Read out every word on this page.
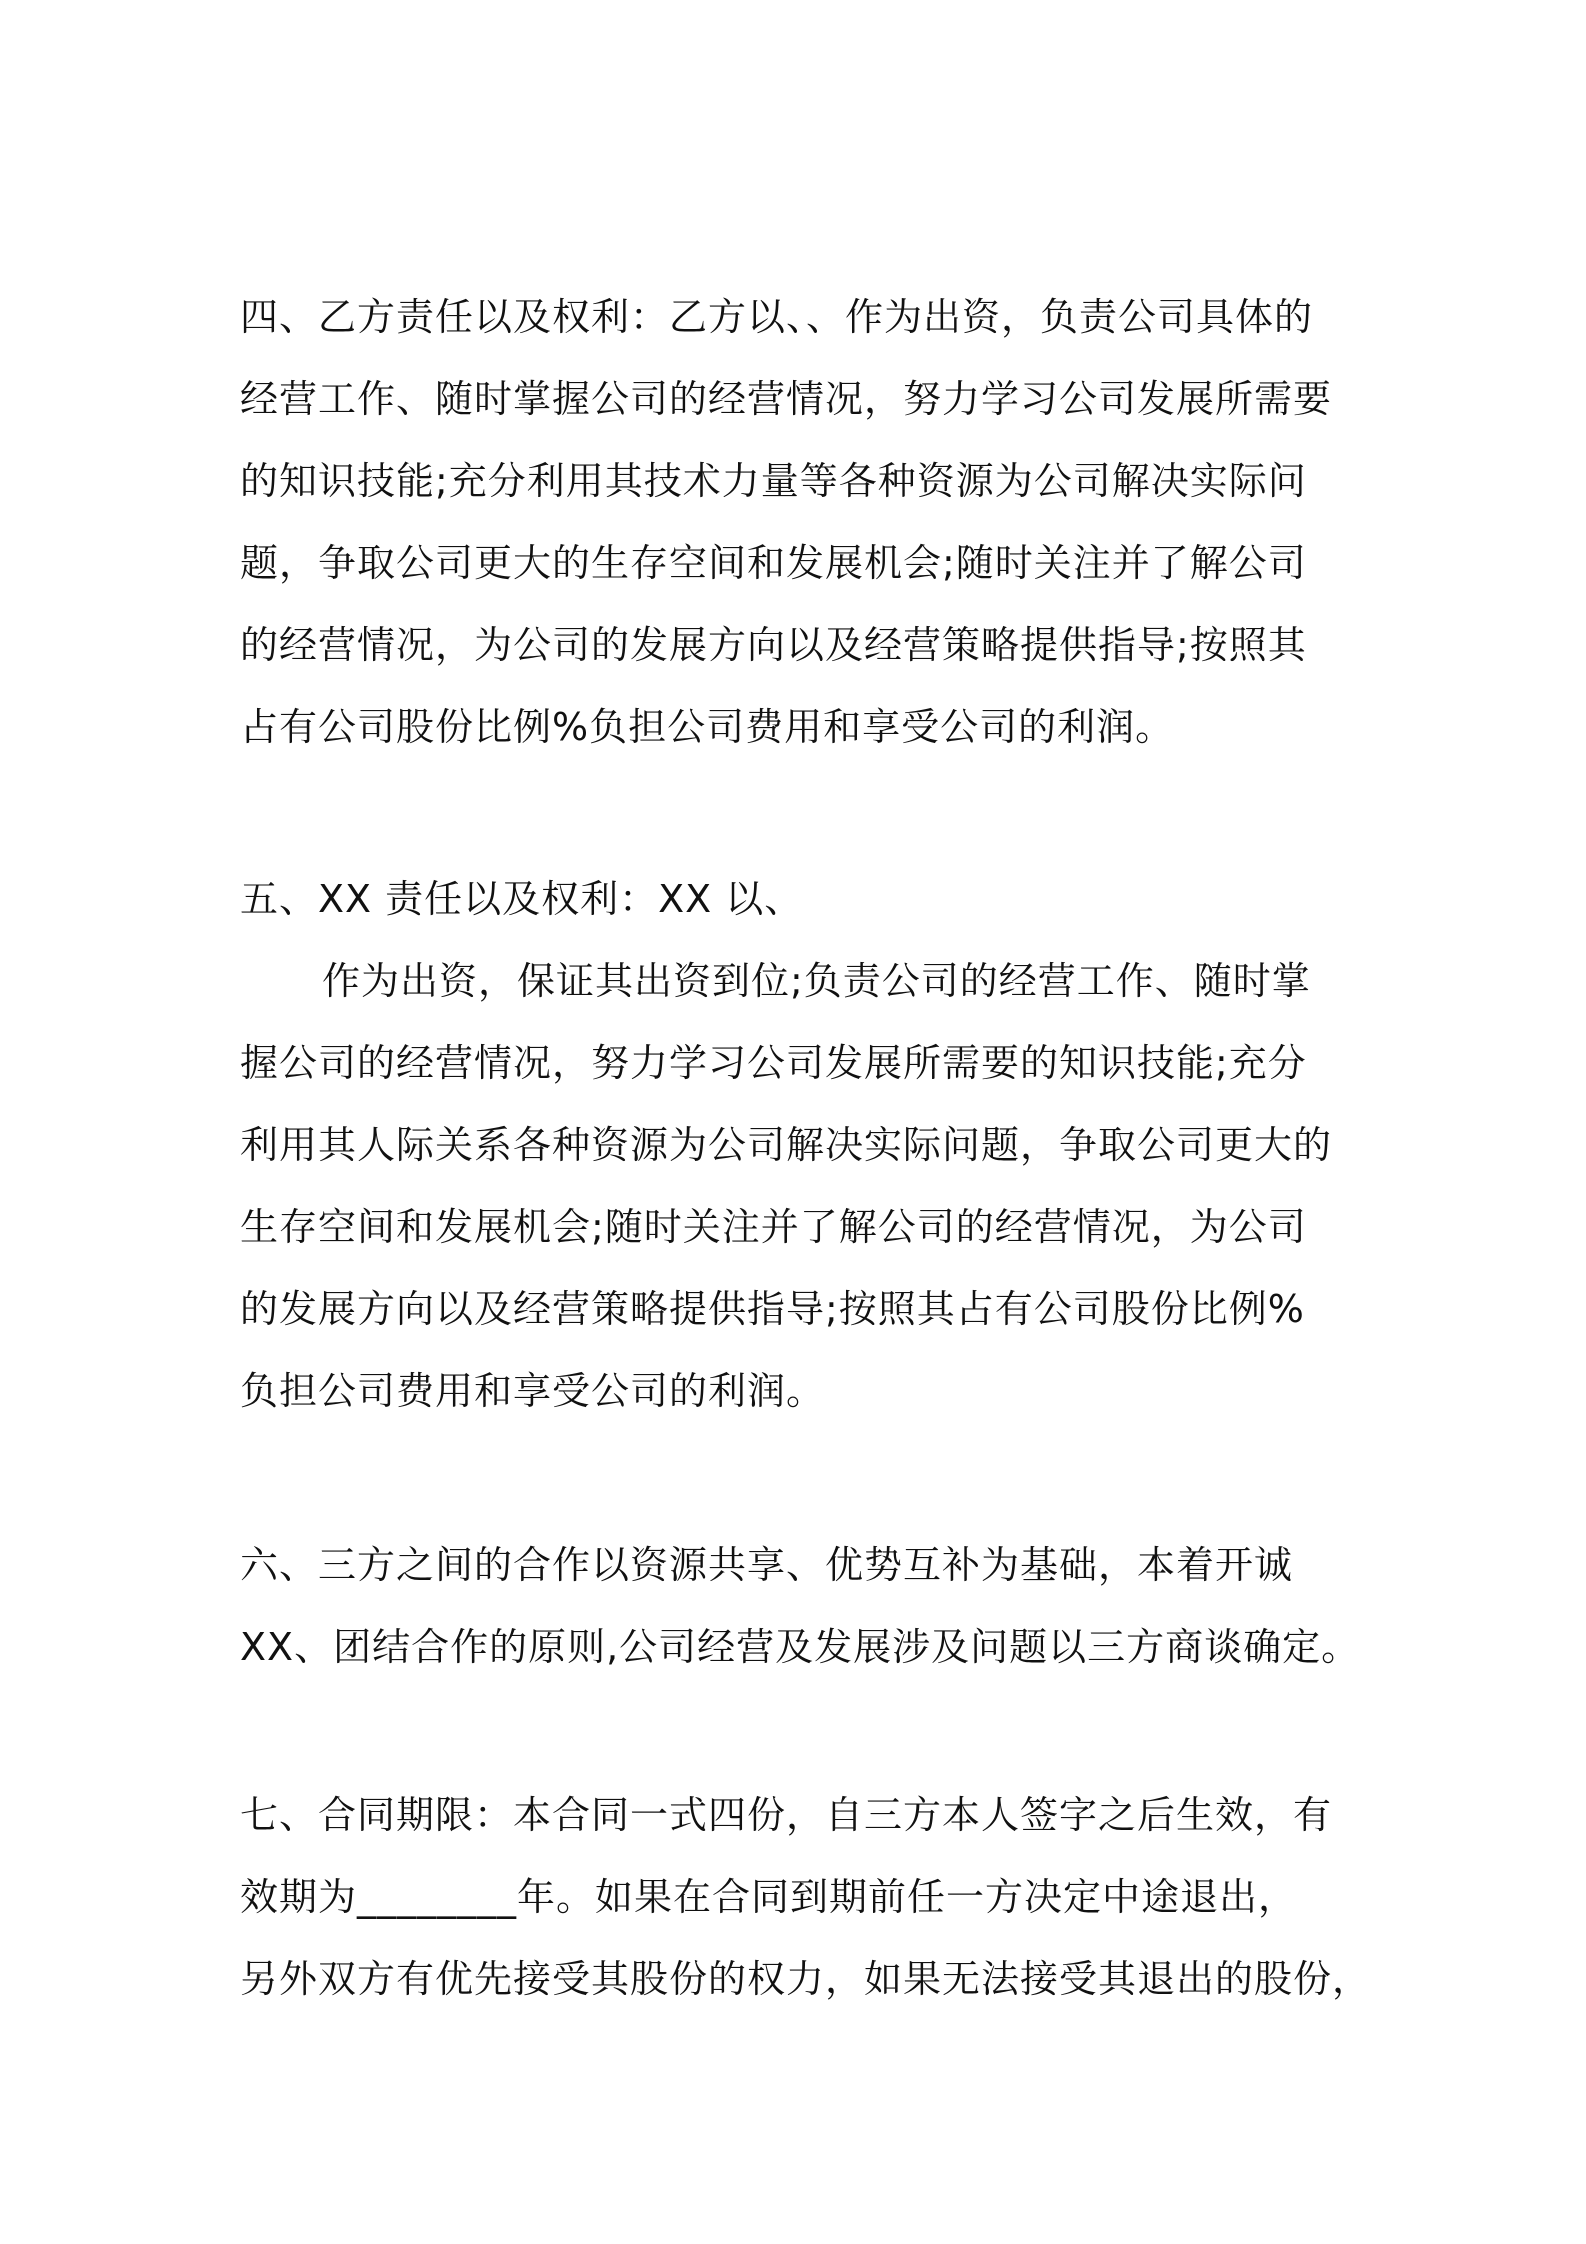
四、乙方责任以及权利：乙方以、、作为出资，负责公司具体的
经营工作、随时掌握公司的经营情况，努力学习公司发展所需要
的知识技能;充分利用其技术力量等各种资源为公司解决实际问
题，争取公司更大的生存空间和发展机会;随时关注并了解公司
的经营情况，为公司的发展方向以及经营策略提供指导;按照其
占有公司股份比例%负担公司费用和享受公司的利润。
五、XX 责任以及权利：XX 以、
作为出资，保证其出资到位;负责公司的经营工作、随时掌
握公司的经营情况，努力学习公司发展所需要的知识技能;充分
利用其人际关系各种资源为公司解决实际问题，争取公司更大的
生存空间和发展机会;随时关注并了解公司的经营情况，为公司
的发展方向以及经营策略提供指导;按照其占有公司股份比例%
负担公司费用和享受公司的利润。
六、三方之间的合作以资源共享、优势互补为基础，本着开诚
XX、团结合作的原则,公司经营及发展涉及问题以三方商谈确定。
七、合同期限：本合同一式四份，自三方本人签字之后生效，有
效期为________年。如果在合同到期前任一方决定中途退出，
另外双方有优先接受其股份的权力，如果无法接受其退出的股份，
